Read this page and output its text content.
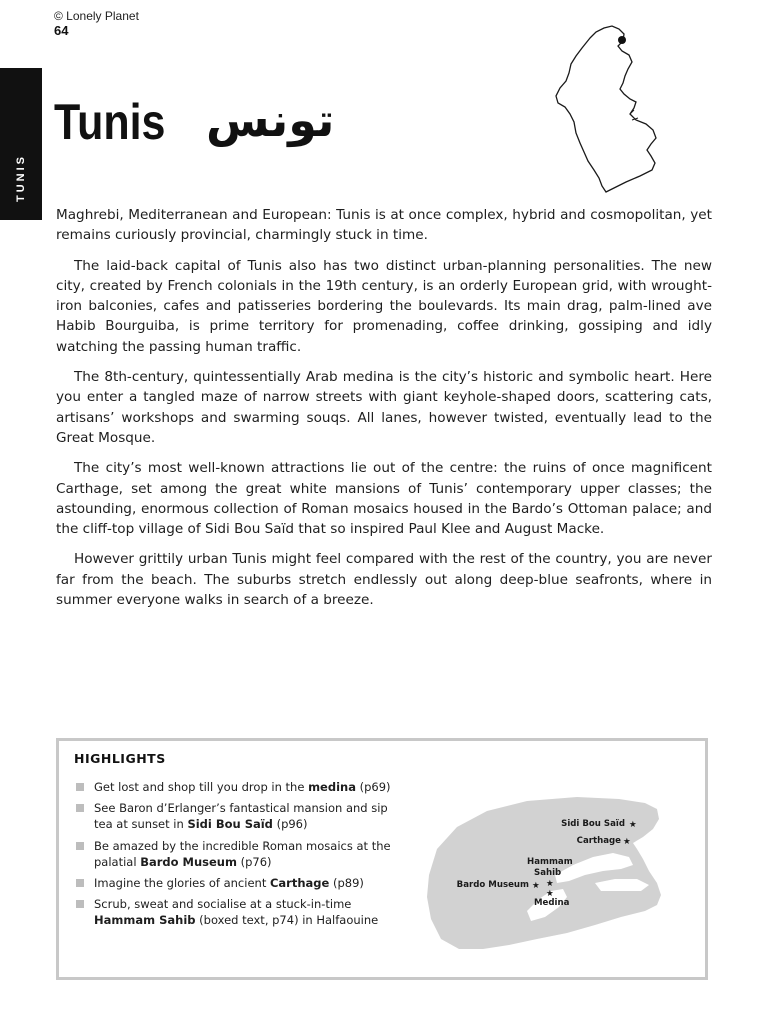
© Lonely Planet
64
TUNIS
Tunis تونس

Maghrebi, Mediterranean and European: Tunis is at once complex, hybrid and cosmopolitan, yet remains curiously provincial, charmingly stuck in time.

The laid-back capital of Tunis also has two distinct urban-planning personalities. The new city, created by French colonials in the 19th century, is an orderly European grid, with wrought-iron balconies, cafes and patisseries bordering the boulevards. Its main drag, palm-lined ave Habib Bourguiba, is prime territory for promenading, coffee drinking, gossiping and idly watching the passing human traffic.

The 8th-century, quintessentially Arab medina is the city’s historic and symbolic heart. Here you enter a tangled maze of narrow streets with giant keyhole-shaped doors, scattering cats, artisans’ workshops and swarming souqs. All lanes, however twisted, eventually lead to the Great Mosque.

The city’s most well-known attractions lie out of the centre: the ruins of once magnificent Carthage, set among the great white mansions of Tunis’ contemporary upper classes; the astounding, enormous collection of Roman mosaics housed in the Bardo’s Ottoman palace; and the cliff-top village of Sidi Bou Saïd that so inspired Paul Klee and August Macke.

However grittily urban Tunis might feel compared with the rest of the country, you are never far from the beach. The suburbs stretch endlessly out along deep-blue seafronts, where in summer everyone walks in search of a breeze.

HIGHLIGHTS
Get lost and shop till you drop in the medina (p69)
See Baron d’Erlanger’s fantastical mansion and sip tea at sunset in Sidi Bou Saïd (p96)
Be amazed by the incredible Roman mosaics at the palatial Bardo Museum (p76)
Imagine the glories of ancient Carthage (p89)
Scrub, sweat and socialise at a stuck-in-time Hammam Sahib (boxed text, p74) in Halfaouine
Sidi Bou Saïd ★
Carthage ★
Hammam
Sahib
★
Bardo Museum ★
★
Medina
